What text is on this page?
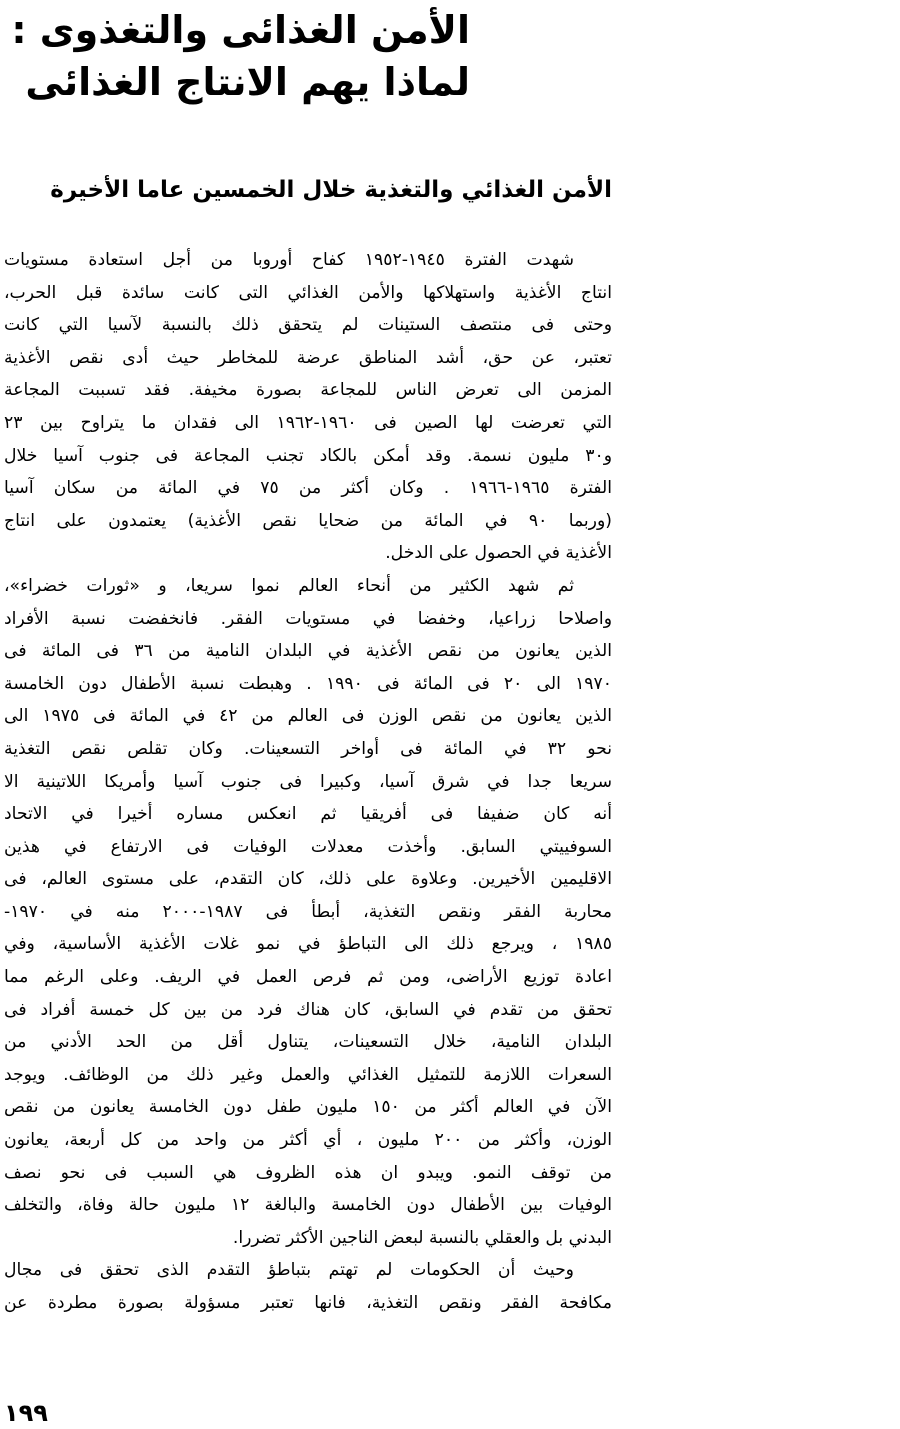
الأمن الغذائى والتغذوى :
لماذا يهم الانتاج الغذائى
الأمن الغذائي والتغذية خلال الخمسين عاما الأخيرة
شهدت الفترة ١٩٤٥-١٩٥٢ كفاح أوروبا من أجل استعادة مستويات
انتاج الأغذية واستهلاكها والأمن الغذائي التى كانت سائدة قبل الحرب،
وحتى فى منتصف الستينات لم يتحقق ذلك بالنسبة لآسيا التي كانت
تعتبر، عن حق، أشد المناطق عرضة للمخاطر حيث أدى نقص الأغذية
المزمن الى تعرض الناس للمجاعة بصورة مخيفة. فقد تسببت المجاعة
التي تعرضت لها الصين فى ١٩٦٠-١٩٦٢ الى فقدان ما يتراوح بين ٢٣
و٣٠ مليون نسمة. وقد أمكن بالكاد تجنب المجاعة فى جنوب آسيا خلال
الفترة ١٩٦٥-١٩٦٦ . وكان أكثر من ٧٥ في المائة من سكان آسيا
(وربما ٩٠ في المائة من ضحايا نقص الأغذية) يعتمدون على انتاج
الأغذية في الحصول على الدخل.
ثم شهد الكثير من أنحاء العالم نموا سريعا، و «ثورات خضراء»،
واصلاحا زراعيا، وخفضا في مستويات الفقر. فانخفضت نسبة الأفراد
الذين يعانون من نقص الأغذية في البلدان النامية من ٣٦ فى المائة فى
١٩٧٠ الى ٢٠ فى المائة فى ١٩٩٠ . وهبطت نسبة الأطفال دون الخامسة
الذين يعانون من نقص الوزن فى العالم من ٤٢ في المائة فى ١٩٧٥ الى
نحو ٣٢ في المائة فى أواخر التسعينات. وكان تقلص نقص التغذية
سريعا جدا في شرق آسيا، وكبيرا فى جنوب آسيا وأمريكا اللاتينية الا
أنه كان ضفيفا فى أفريقيا ثم انعكس مساره أخيرا في الاتحاد
السوفييتي السابق. وأخذت معدلات الوفيات فى الارتفاع في هذين
الاقليمين الأخيرين. وعلاوة على ذلك، كان التقدم، على مستوى العالم، فى
محاربة الفقر ونقص التغذية، أبطأ فى ١٩٨٧-٢٠٠٠ منه في ١٩٧٠-
١٩٨٥ ، ويرجع ذلك الى التباطؤ في نمو غلات الأغذية الأساسية، وفي
اعادة توزيع الأراضى، ومن ثم فرص العمل في الريف. وعلى الرغم مما
تحقق من تقدم في السابق، كان هناك فرد من بين كل خمسة أفراد فى
البلدان النامية، خلال التسعينات، يتناول أقل من الحد الأدني من
السعرات اللازمة للتمثيل الغذائي والعمل وغير ذلك من الوظائف. ويوجد
الآن في العالم أكثر من ١٥٠ مليون طفل دون الخامسة يعانون من نقص
الوزن، وأكثر من ٢٠٠ مليون ، أي أكثر من واحد من كل أربعة، يعانون
من توقف النمو. ويبدو ان هذه الظروف هي السبب فى نحو نصف
الوفيات بين الأطفال دون الخامسة والبالغة ١٢ مليون حالة وفاة، والتخلف
البدني بل والعقلي بالنسبة لبعض الناجين الأكثر تضررا.
وحيث أن الحكومات لم تهتم بتباطؤ التقدم الذى تحقق فى مجال
مكافحة الفقر ونقص التغذية، فانها تعتبر مسؤولة بصورة مطردة عن
١٩٩
